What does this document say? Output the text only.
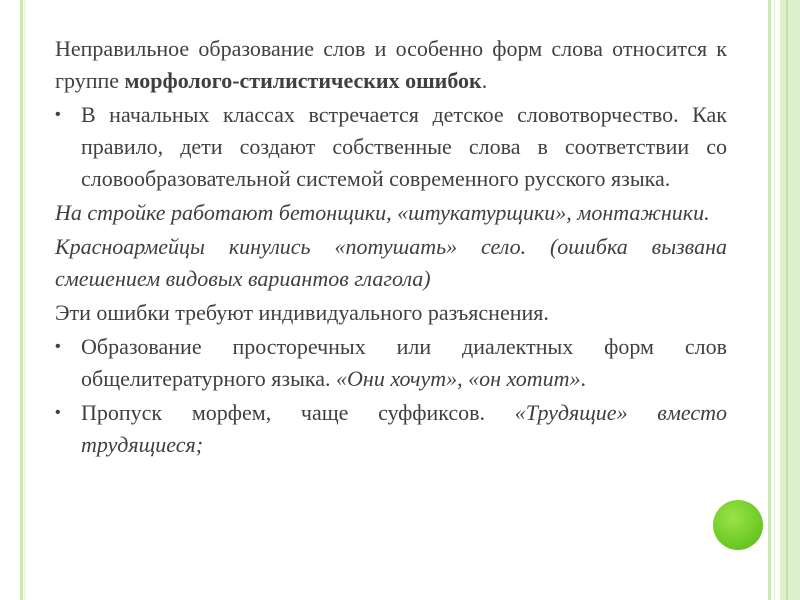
Неправильное образование слов и особенно форм слова относится к группе морфолого-стилистических ошибок.

• В начальных классах встречается детское словотворчество. Как правило, дети создают собственные слова в соответствии со словообразовательной системой современного русского языка.

На стройке работают бетонщики, «штукатурщики», монтажники.

Красноармейцы кинулись «потушать» село. (ошибка вызвана смешением видовых вариантов глагола)

Эти ошибки требуют индивидуального разъяснения.

• Образование просторечных или диалектных форм слов общелитературного языка. «Они хочут», «он хотит».

• Пропуск морфем, чаще суффиксов. «Трудящие» вместо трудящиеся;
